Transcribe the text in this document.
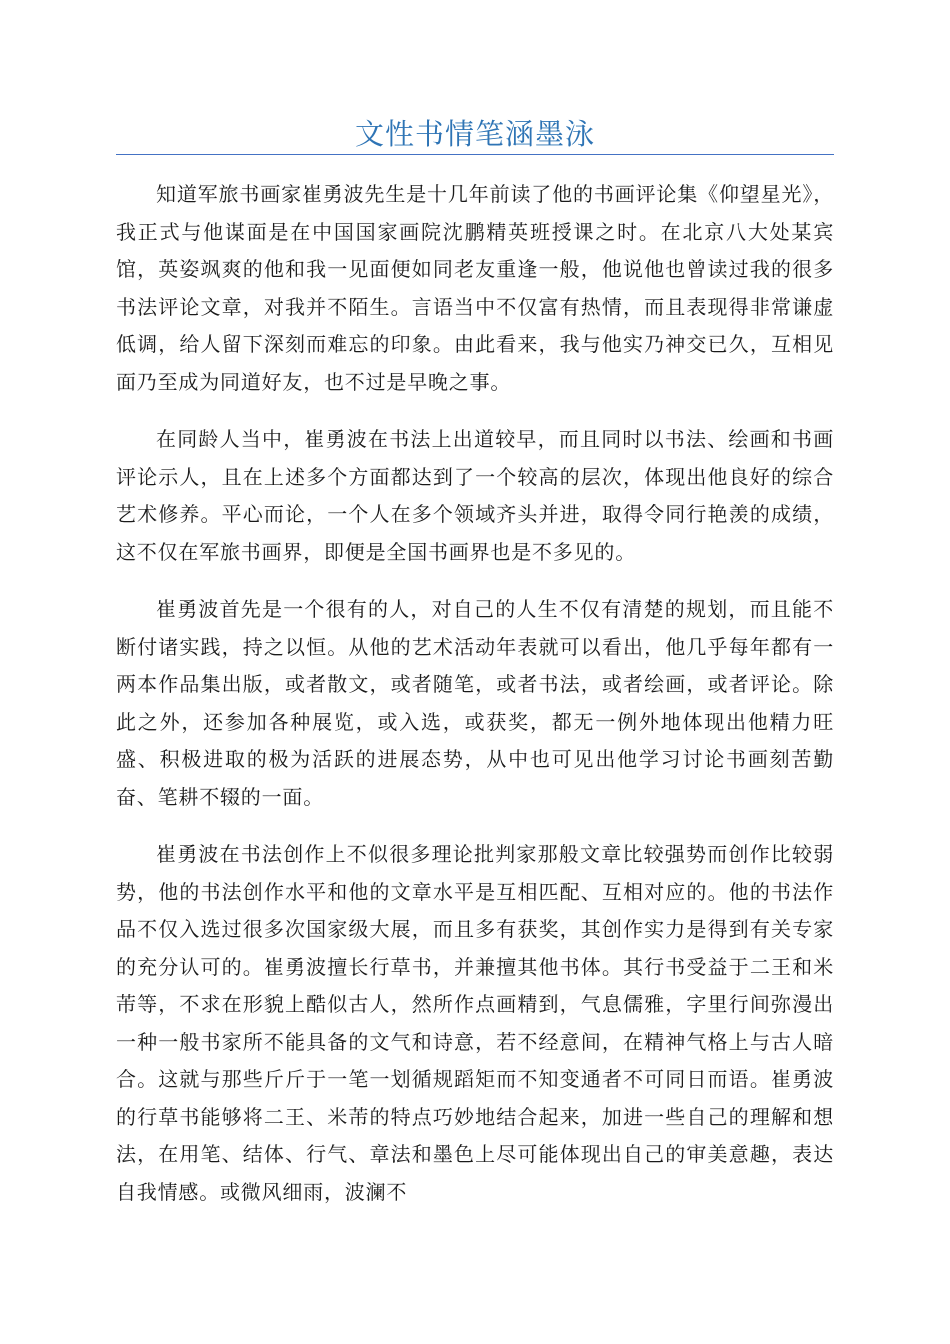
文性书情笔涵墨泳

知道军旅书画家崔勇波先生是十几年前读了他的书画评论集《仰望星光》，我正式与他谋面是在中国国家画院沈鹏精英班授课之时。在北京八大处某宾馆，英姿飒爽的他和我一见面便如同老友重逢一般，他说他也曾读过我的很多书法评论文章，对我并不陌生。言语当中不仅富有热情，而且表现得非常谦虚低调，给人留下深刻而难忘的印象。由此看来，我与他实乃神交已久，互相见面乃至成为同道好友，也不过是早晚之事。

在同龄人当中，崔勇波在书法上出道较早，而且同时以书法、绘画和书画评论示人，且在上述多个方面都达到了一个较高的层次，体现出他良好的综合艺术修养。平心而论，一个人在多个领域齐头并进，取得令同行艳羡的成绩，这不仅在军旅书画界，即便是全国书画界也是不多见的。

崔勇波首先是一个很有的人，对自己的人生不仅有清楚的规划，而且能不断付诸实践，持之以恒。从他的艺术活动年表就可以看出，他几乎每年都有一两本作品集出版，或者散文，或者随笔，或者书法，或者绘画，或者评论。除此之外，还参加各种展览，或入选，或获奖，都无一例外地体现出他精力旺盛、积极进取的极为活跃的进展态势，从中也可见出他学习讨论书画刻苦勤奋、笔耕不辍的一面。

崔勇波在书法创作上不似很多理论批判家那般文章比较强势而创作比较弱势，他的书法创作水平和他的文章水平是互相匹配、互相对应的。他的书法作品不仅入选过很多次国家级大展，而且多有获奖，其创作实力是得到有关专家的充分认可的。崔勇波擅长行草书，并兼擅其他书体。其行书受益于二王和米芾等，不求在形貌上酷似古人，然所作点画精到，气息儒雅，字里行间弥漫出一种一般书家所不能具备的文气和诗意，若不经意间，在精神气格上与古人暗合。这就与那些斤斤于一笔一划循规蹈矩而不知变通者不可同日而语。崔勇波的行草书能够将二王、米芾的特点巧妙地结合起来，加进一些自己的理解和想法，在用笔、结体、行气、章法和墨色上尽可能体现出自己的审美意趣，表达自我情感。或微风细雨，波澜不
